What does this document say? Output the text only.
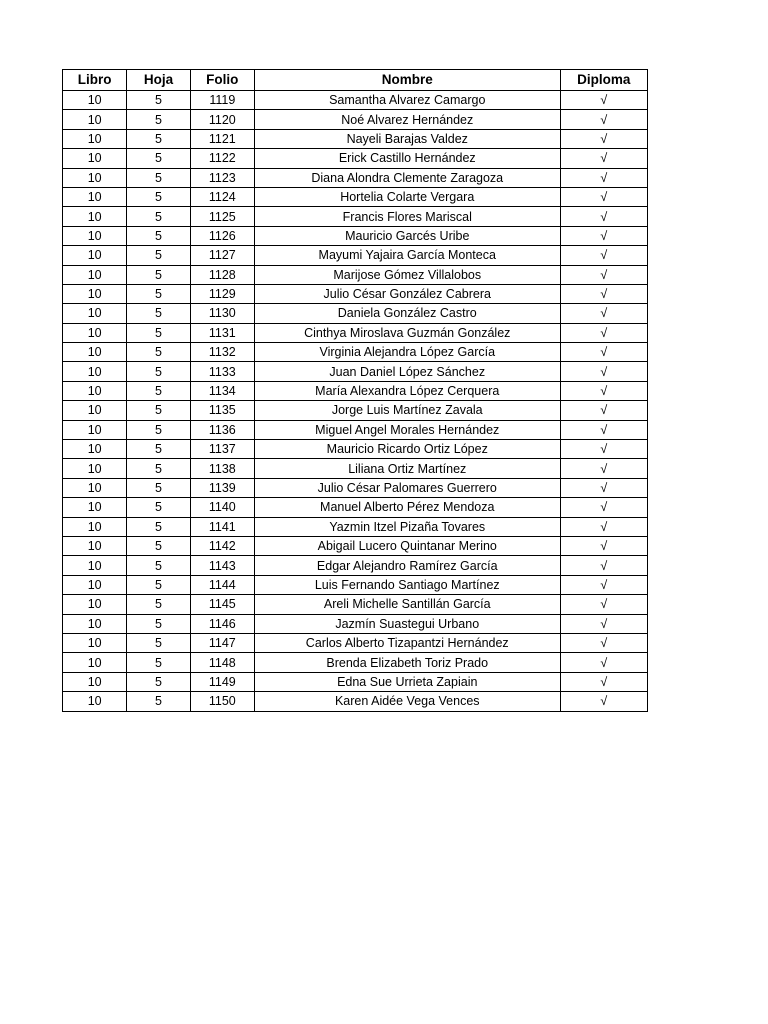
Libro	Hoja	Folio	Nombre	Diploma
10	5	1119	Samantha Alvarez Camargo	√
10	5	1120	Noé Alvarez Hernández	√
10	5	1121	Nayeli Barajas Valdez	√
10	5	1122	Erick Castillo Hernández	√
10	5	1123	Diana Alondra Clemente Zaragoza	√
10	5	1124	Hortelia Colarte Vergara	√
10	5	1125	Francis Flores Mariscal	√
10	5	1126	Mauricio Garcés Uribe	√
10	5	1127	Mayumi Yajaira García Monteca	√
10	5	1128	Marijose Gómez Villalobos	√
10	5	1129	Julio César González Cabrera	√
10	5	1130	Daniela González Castro	√
10	5	1131	Cinthya Miroslava Guzmán González	√
10	5	1132	Virginia Alejandra López García	√
10	5	1133	Juan Daniel López Sánchez	√
10	5	1134	María Alexandra López Cerquera	√
10	5	1135	Jorge Luis Martínez Zavala	√
10	5	1136	Miguel Angel Morales Hernández	√
10	5	1137	Mauricio Ricardo Ortiz López	√
10	5	1138	Liliana Ortiz Martínez	√
10	5	1139	Julio César Palomares Guerrero	√
10	5	1140	Manuel Alberto Pérez Mendoza	√
10	5	1141	Yazmin Itzel Pizaña Tovares	√
10	5	1142	Abigail Lucero Quintanar Merino	√
10	5	1143	Edgar Alejandro Ramírez García	√
10	5	1144	Luis Fernando Santiago Martínez	√
10	5	1145	Areli Michelle Santillán García	√
10	5	1146	Jazmín Suastegui Urbano	√
10	5	1147	Carlos Alberto Tizapantzi Hernández	√
10	5	1148	Brenda Elizabeth Toriz Prado	√
10	5	1149	Edna Sue Urrieta Zapiain	√
10	5	1150	Karen Aidée Vega Vences	√
